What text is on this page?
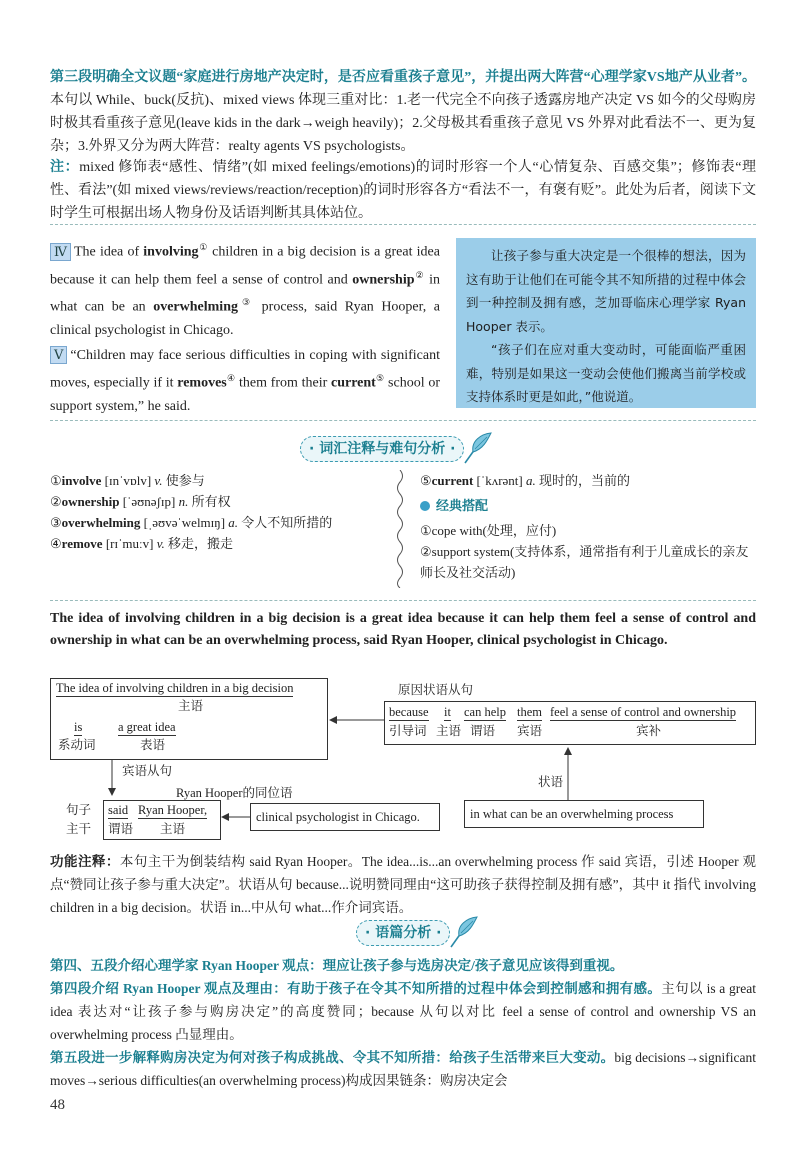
第三段明确全文议题“家庭进行房地产决定时，是否应看重孩子意见”，并提出两大阵营“心理学家VS地产从业者”。本句以 While、buck(反抗)、mixed views 体现三重对比：1.老一代完全不向孩子透露房地产决定 VS 如今的父母购房时极其看重孩子意见(leave kids in the dark→weigh heavily)；2.父母极其看重孩子意见 VS 外界对此看法不一、更为复杂；3.外界又分为两大阵营：realty agents VS psychologists。
注：mixed 修饰表“感性、情绪”(如 mixed feelings/emotions)的词时形容一个人“心情复杂、百感交集”；修饰表“理性、看法”(如 mixed views/reviews/reaction/reception)的词时形容各方“看法不一，有褒有贬”。此处为后者，阅读下文时学生可根据出场人物身份及话语判断其具体站位。

Ⅳ The idea of involving① children in a big decision is a great idea because it can help them feel a sense of control and ownership② in what can be an overwhelming③ process, said Ryan Hooper, a clinical psychologist in Chicago.

Ⅴ “Children may face serious difficulties in coping with significant moves, especially if it removes④ them from their current⑤ school or support system,” he said.

让孩子参与重大决定是一个很棒的想法，因为这有助于让他们在可能令其不知所措的过程中体会到一种控制及拥有感，芝加哥临床心理学家 Ryan Hooper 表示。

“孩子们在应对重大变动时，可能面临严重困难，特别是如果这一变动会使他们搬离当前学校或支持体系时更是如此，”他说道。

· 词汇注释与难句分析 ·
①involve [ɪnˈvɒlv] v. 使参与
②ownership [ˈəʊnəʃɪp] n. 所有权
③overwhelming [ˌəʊvəˈwelmɪŋ] a. 令人不知所措的
④remove [rɪˈmuːv] v. 移走，搬走
⑤current [ˈkʌrənt] a. 现时的，当前的
经典搭配
①cope with(处理，应付)
②support system(支持体系，通常指有利于儿童成长的亲友师长及社交活动)
The idea of involving children in a big decision is a great idea because it can help them feel a sense of control and ownership in what can be an overwhelming process, said Ryan Hooper, clinical psychologist in Chicago.
The idea of involving children in a big decision
主语
is
系动词
a great idea
表语
宾语从句
原因状语从句
because
引导词
it
主语
can help
谓语
them
宾语
feel a sense of control and ownership
宾补
Ryan Hooper的同位语
句子
主干
said
谓语
Ryan Hooper,
主语
clinical psychologist in Chicago.
状语
in what can be an overwhelming process
功能注释：本句主干为倒装结构 said Ryan Hooper。The idea...is...an overwhelming process 作 said 宾语，引述 Hooper 观点“赞同让孩子参与重大决定”。状语从句 because...说明赞同理由“这可助孩子获得控制及拥有感”，其中 it 指代 involving children in a big decision。状语 in...中从句 what...作介词宾语。
· 语篇分析 ·
第四、五段介绍心理学家 Ryan Hooper 观点：理应让孩子参与选房决定/孩子意见应该得到重视。
第四段介绍 Ryan Hooper 观点及理由：有助于孩子在令其不知所措的过程中体会到控制感和拥有感。主句以 is a great idea 表达对“让孩子参与购房决定”的高度赞同；because 从句以对比 feel a sense of control and ownership VS an overwhelming process 凸显理由。
第五段进一步解释购房决定为何对孩子构成挑战、令其不知所措：给孩子生活带来巨大变动。big decisions→significant moves→serious difficulties(an overwhelming process)构成因果链条：购房决定会
48
